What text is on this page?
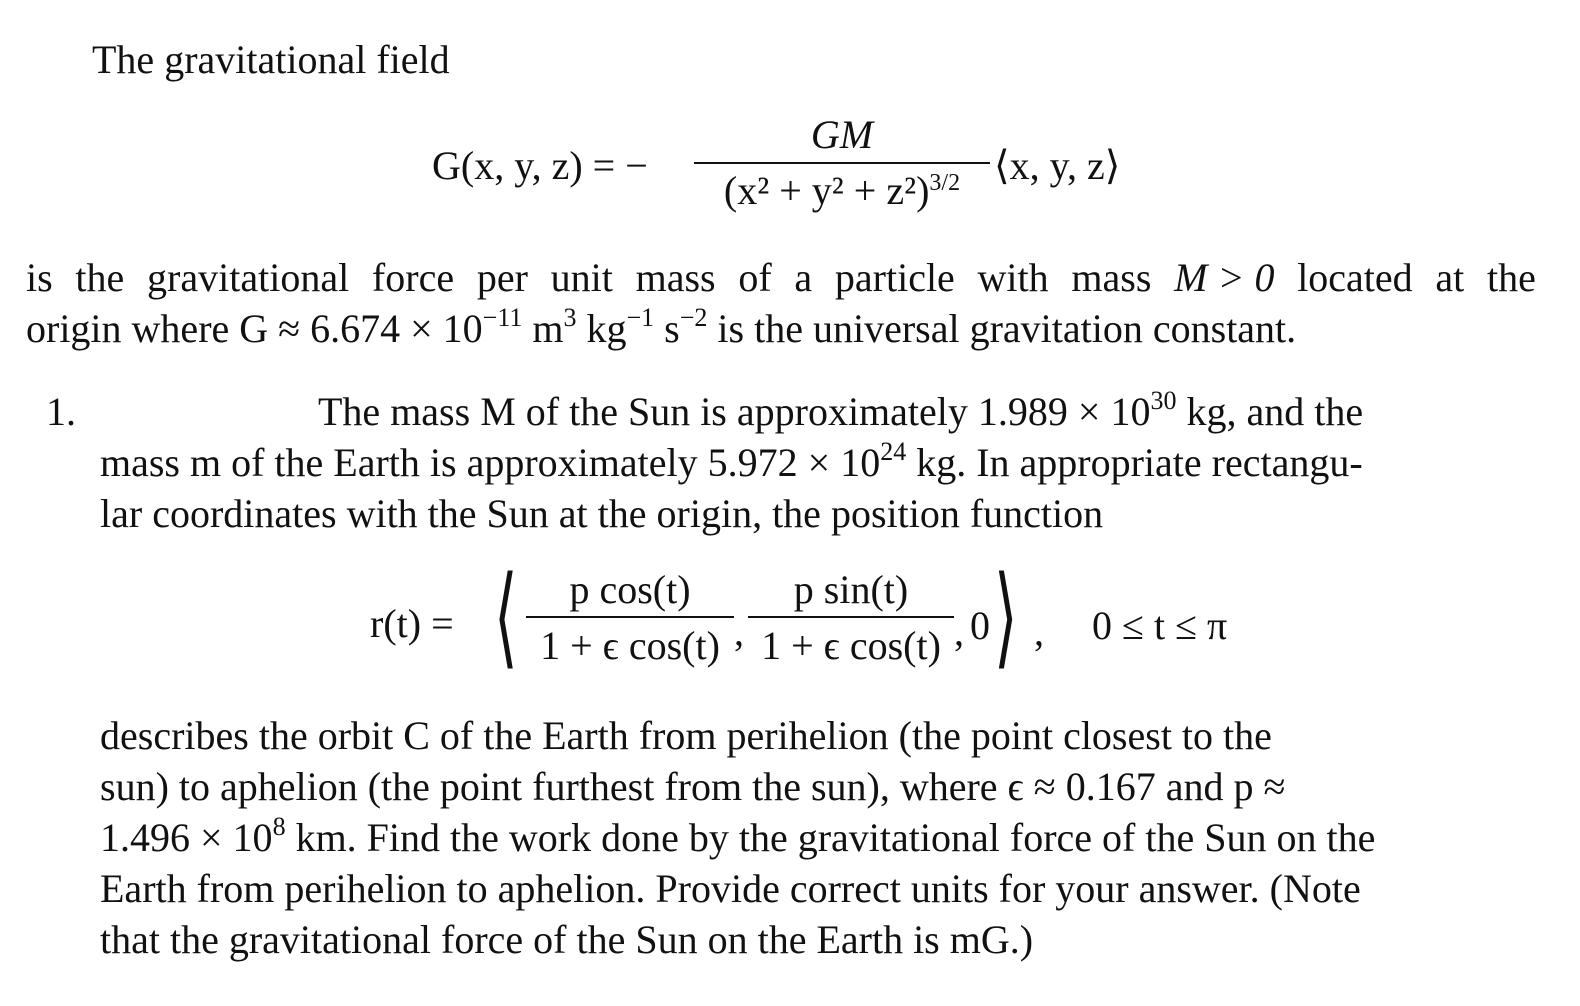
The gravitational field
G(x, y, z) = −
GM
$(x^2 + y^2 + z^2)^{3/2}$ ⟨x, y, z⟩
is the gravitational force per unit mass of a particle with mass M > 0 located at the
origin where $G \approx 6.674 \times 10^{-11}$ $m^3$ $kg^{-1}$ $s^{-2}$ is the universal gravitation constant.
1.	The mass M of the Sun is approximately $1.989 \times 10^{30}$ kg, and the
mass m of the Earth is approximately $5.972 \times 10^{24}$ kg. In appropriate rectangu-
lar coordinates with the Sun at the origin, the position function
r(t) = ⟨	p cos(t)
1 + ϵ cos(t) ,
p sin(t)
1 + ϵ cos(t) , 0 ⟩ , 0 ≤ t ≤ π
describes the orbit C of the Earth from perihelion (the point closest to the
sun) to aphelion (the point furthest from the sun), where ϵ ≈ 0.167 and p ≈
$1.496 \times 10^8$ km. Find the work done by the gravitational force of the Sun on the
Earth from perihelion to aphelion. Provide correct units for your answer. (Note
that the gravitational force of the Sun on the Earth is mG.)
